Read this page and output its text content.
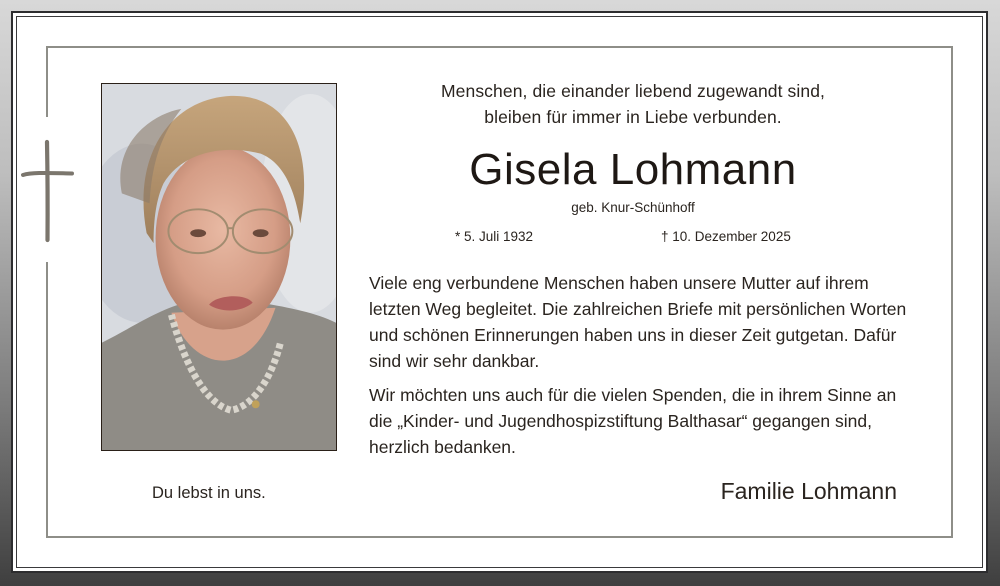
Menschen, die einander liebend zugewandt sind,
bleiben für immer in Liebe verbunden.
Gisela Lohmann
geb. Knur-Schünhoff
* 5. Juli 1932	† 10. Dezember 2025

Viele eng verbundene Menschen haben unsere Mutter auf ihrem letzten Weg begleitet. Die zahlreichen Briefe mit persönlichen Worten und schönen Erinnerungen haben uns in dieser Zeit gutgetan. Dafür sind wir sehr dankbar.

Wir möchten uns auch für die vielen Spenden, die in ihrem Sinne an die „Kinder- und Jugendhospizstiftung Balthasar“ gegangen sind, herzlich bedanken.

Du lebst in uns.	Familie Lohmann
